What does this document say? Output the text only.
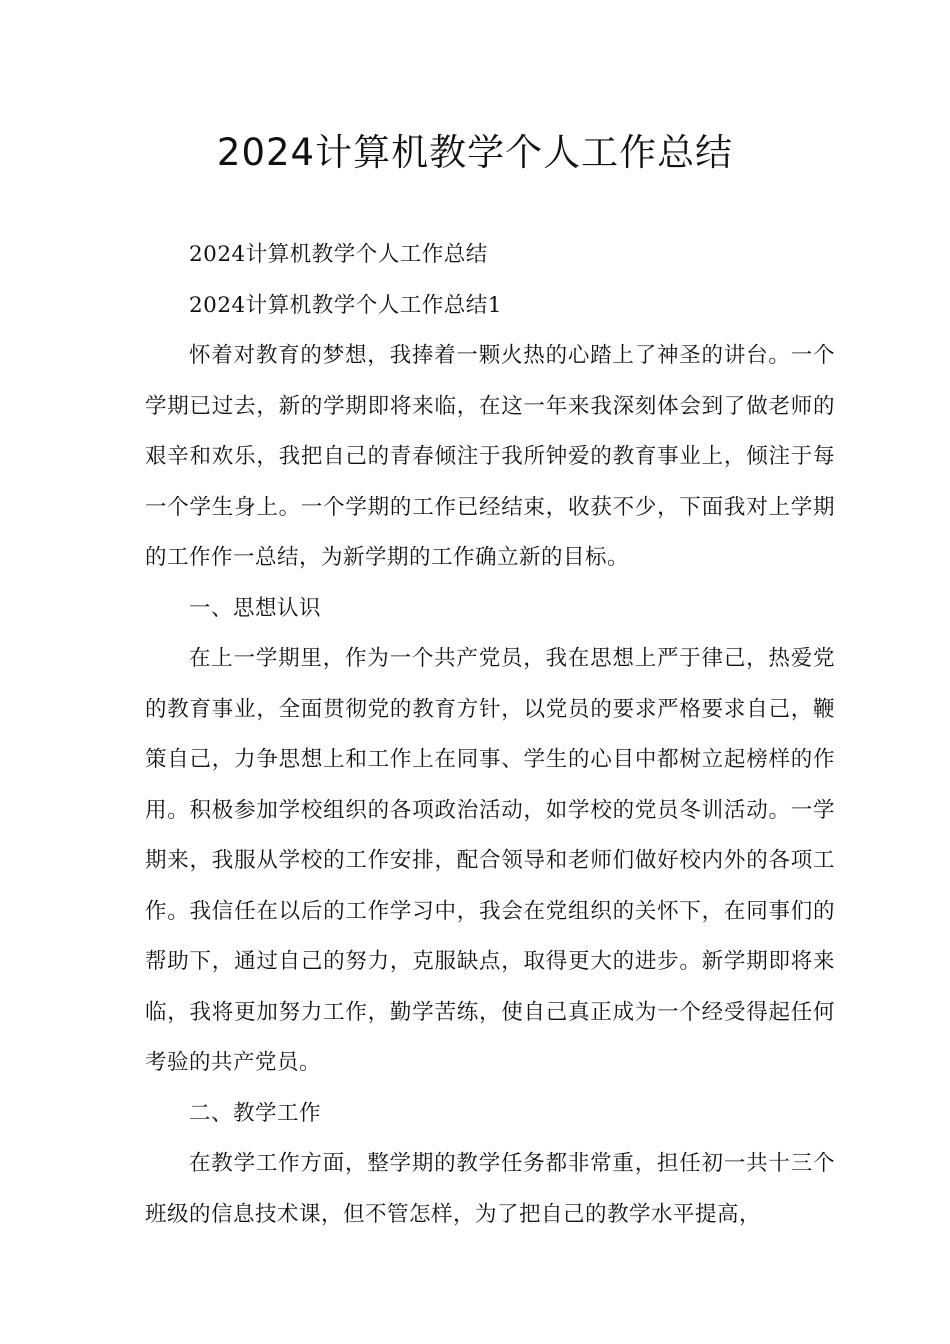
2024计算机教学个人工作总结

2024计算机教学个人工作总结

2024计算机教学个人工作总结1

怀着对教育的梦想，我捧着一颗火热的心踏上了神圣的讲台。一个学期已过去，新的学期即将来临，在这一年来我深刻体会到了做老师的艰辛和欢乐，我把自己的青春倾注于我所钟爱的教育事业上，倾注于每一个学生身上。一个学期的工作已经结束，收获不少，下面我对上学期的工作作一总结，为新学期的工作确立新的目标。

一、思想认识

在上一学期里，作为一个共产党员，我在思想上严于律己，热爱党的教育事业，全面贯彻党的教育方针，以党员的要求严格要求自己，鞭策自己，力争思想上和工作上在同事、学生的心目中都树立起榜样的作用。积极参加学校组织的各项政治活动，如学校的党员冬训活动。一学期来，我服从学校的工作安排，配合领导和老师们做好校内外的各项工作。我信任在以后的工作学习中，我会在党组织的关怀下，在同事们的帮助下，通过自己的努力，克服缺点，取得更大的进步。新学期即将来临，我将更加努力工作，勤学苦练，使自己真正成为一个经受得起任何考验的共产党员。

二、教学工作

在教学工作方面，整学期的教学任务都非常重，担任初一共十三个班级的信息技术课，但不管怎样，为了把自己的教学水平提高，
